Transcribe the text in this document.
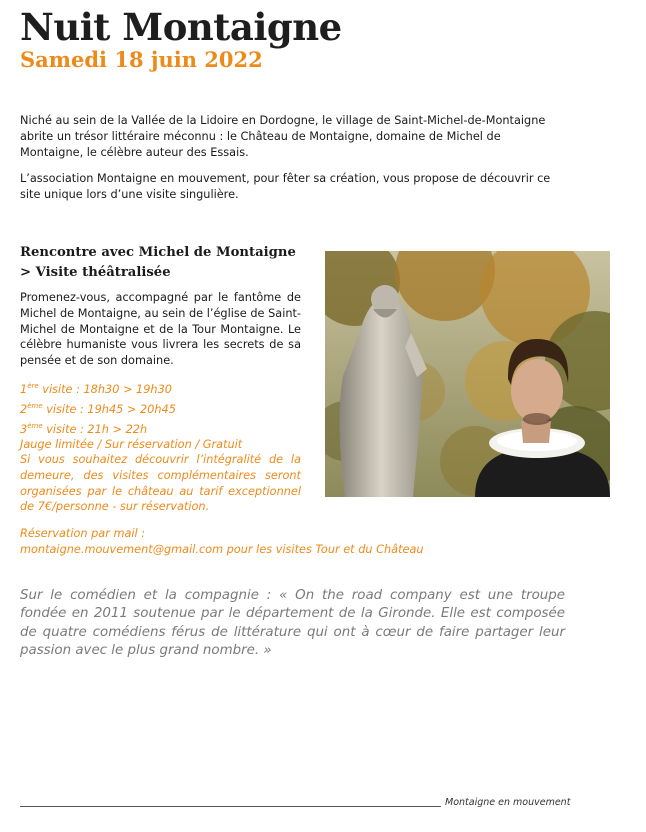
Nuit Montaigne
Samedi 18 juin 2022

Niché au sein de la Vallée de la Lidoire en Dordogne, le village de Saint-Michel-de-Montaigne abrite un trésor littéraire méconnu : le Château de Montaigne, domaine de Michel de Montaigne, le célèbre auteur des Essais.

L’association Montaigne en mouvement, pour fêter sa création, vous propose de découvrir ce site unique lors d’une visite singulière.

Rencontre avec Michel de Montaigne
> Visite théâtralisée

Promenez-vous, accompagné par le fantôme de Michel de Montaigne, au sein de l’église de Saint-Michel de Montaigne et de la Tour Montaigne. Le célèbre humaniste vous livrera les secrets de sa pensée et de son domaine.

1ère visite : 18h30 > 19h30
2ème visite : 19h45 > 20h45
3ème visite : 21h > 22h
Jauge limitée / Sur réservation / Gratuit

Si vous souhaitez découvrir l’intégralité de la demeure, des visites complémentaires seront organisées par le château au tarif exceptionnel de 7€/personne - sur réservation.

Réservation par mail :
montaigne.mouvement@gmail.com pour les visites Tour et du Château

Sur le comédien et la compagnie : « On the road company est une troupe fondée en 2011 soutenue par le département de la Gironde. Elle est composée de quatre comédiens férus de littérature qui ont à cœur de faire partager leur passion avec le plus grand nombre. »

Montaigne en mouvement
